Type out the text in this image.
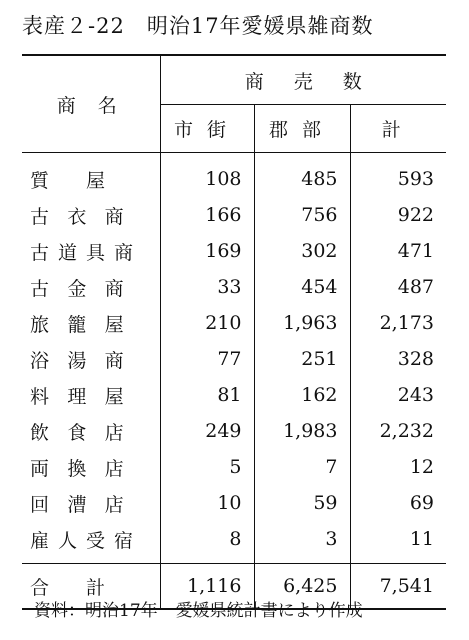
表産２-22 明治17年愛媛県雑商数
商名	商売数		
	市街	郡部	計

質 屋	108	485	593

古 衣 商	166	756	922

古 道 具 商	169	302	471

古 金 商	33	454	487

旅 籠 屋	210	1,963	2,173

浴 湯 商	77	251	328

料 理 屋	81	162	243

飲 食 店	249	1,983	2,232

両 換 店	5	7	12

回 漕 店	10	59	69

雇 人 受 宿	8	3	11

合 計	1,116	6,425	7,541
資料：明治17年 愛媛県統計書により作成
